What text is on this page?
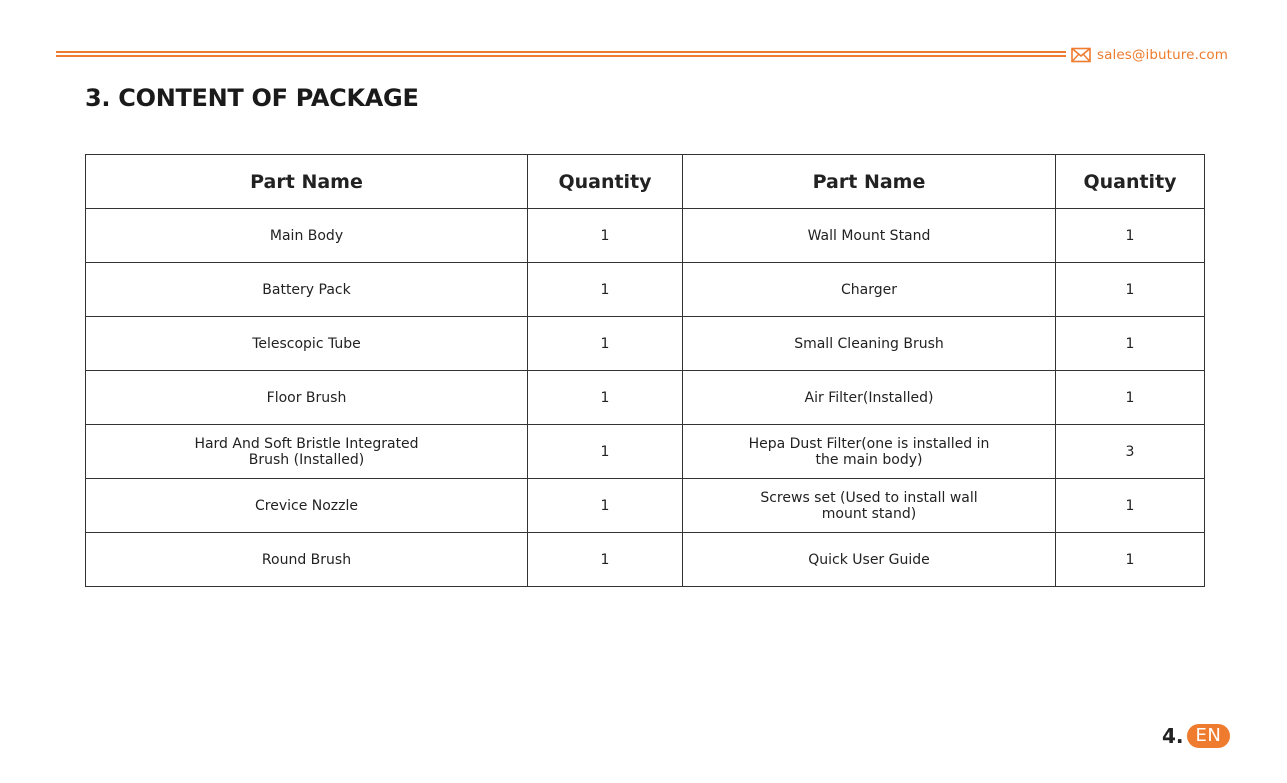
sales@ibuture.com
3. CONTENT OF PACKAGE
Part Name	Quantity	Part Name	Quantity
Main Body	1	Wall Mount Stand	1
Battery Pack	1	Charger	1
Telescopic Tube	1	Small Cleaning Brush	1
Floor Brush	1	Air Filter(Installed)	1
Hard And Soft Bristle Integrated Brush (Installed)	1	Hepa Dust Filter(one is installed in the main body)	3
Crevice Nozzle	1	Screws set (Used to install wall mount stand)	1
Round Brush	1	Quick User Guide	1
4. EN
